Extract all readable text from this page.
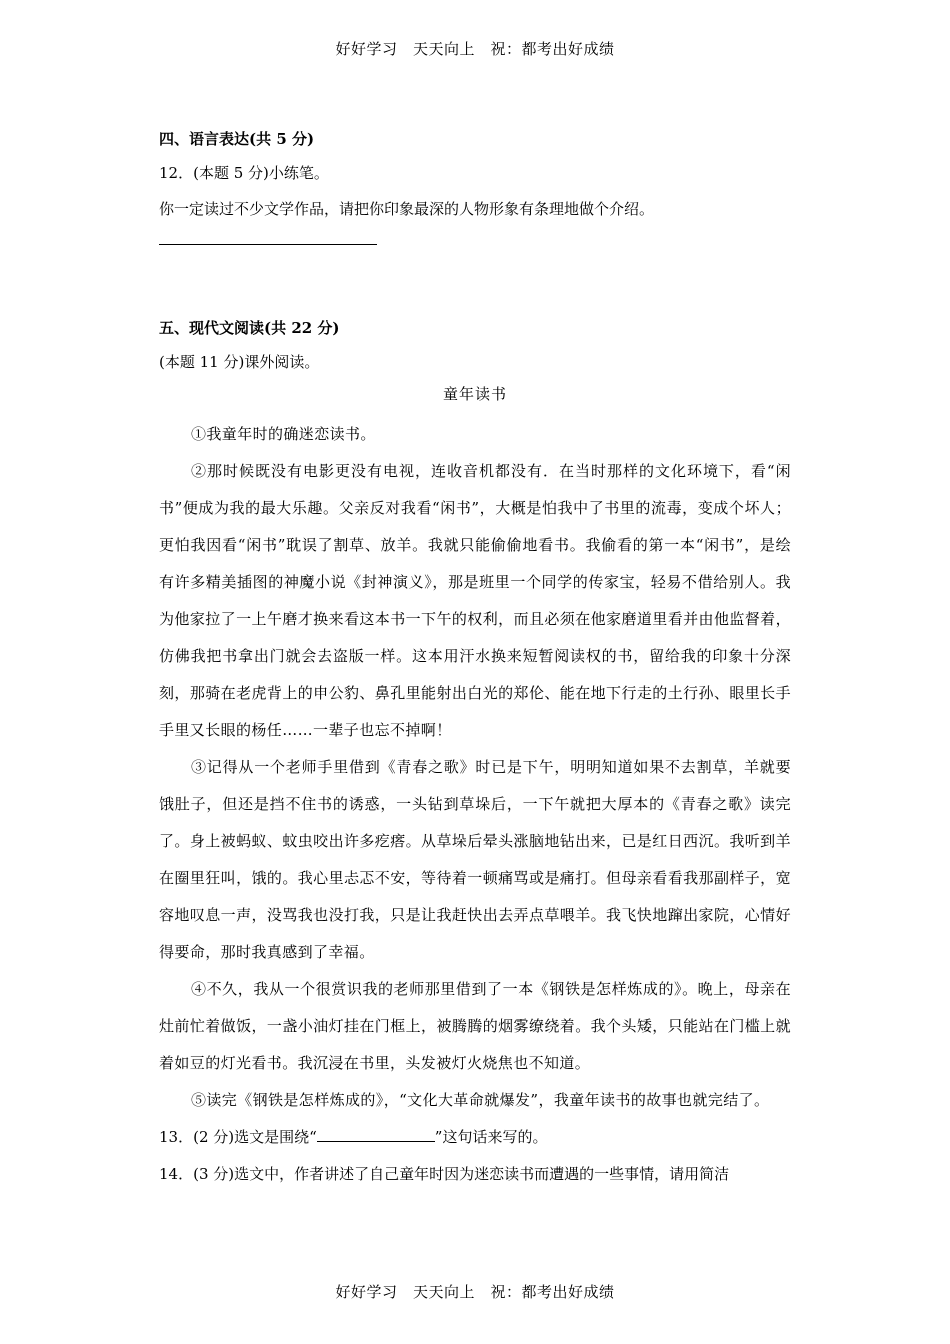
好好学习　天天向上　祝：都考出好成绩
四、语言表达(共 5 分)
12．(本题 5 分)小练笔。
你一定读过不少文学作品，请把你印象最深的人物形象有条理地做个介绍。
五、现代文阅读(共 22 分)
(本题 11 分)课外阅读。
童年读书

①我童年时的确迷恋读书。

②那时候既没有电影更没有电视，连收音机都没有．在当时那样的文化环境下，看“闲书”便成为我的最大乐趣。父亲反对我看“闲书”，大概是怕我中了书里的流毒，变成个坏人；更怕我因看“闲书”耽误了割草、放羊。我就只能偷偷地看书。我偷看的第一本“闲书”，是绘有许多精美插图的神魔小说《封神演义》，那是班里一个同学的传家宝，轻易不借给别人。我为他家拉了一上午磨才换来看这本书一下午的权利，而且必须在他家磨道里看并由他监督着，仿佛我把书拿出门就会去盗版一样。这本用汗水换来短暂阅读权的书，留给我的印象十分深刻，那骑在老虎背上的申公豹、鼻孔里能射出白光的郑伦、能在地下行走的土行孙、眼里长手手里又长眼的杨任……一辈子也忘不掉啊！

③记得从一个老师手里借到《青春之歌》时已是下午，明明知道如果不去割草，羊就要饿肚子，但还是挡不住书的诱惑，一头钻到草垛后，一下午就把大厚本的《青春之歌》读完了。身上被蚂蚁、蚊虫咬出许多疙瘩。从草垛后晕头涨脑地钻出来，已是红日西沉。我听到羊在圈里狂叫，饿的。我心里忐忑不安，等待着一顿痛骂或是痛打。但母亲看看我那副样子，宽容地叹息一声，没骂我也没打我，只是让我赶快出去弄点草喂羊。我飞快地蹿出家院，心情好得要命，那时我真感到了幸福。

④不久，我从一个很赏识我的老师那里借到了一本《钢铁是怎样炼成的》。晚上，母亲在灶前忙着做饭，一盏小油灯挂在门框上，被腾腾的烟雾缭绕着。我个头矮，只能站在门槛上就着如豆的灯光看书。我沉浸在书里，头发被灯火烧焦也不知道。

⑤读完《钢铁是怎样炼成的》，“文化大革命就爆发”，我童年读书的故事也就完结了。

13．(2 分)选文是围绕“	”这句话来写的。
14．(3 分)选文中，作者讲述了自己童年时因为迷恋读书而遭遇的一些事情，请用简洁
好好学习　天天向上　祝：都考出好成绩
